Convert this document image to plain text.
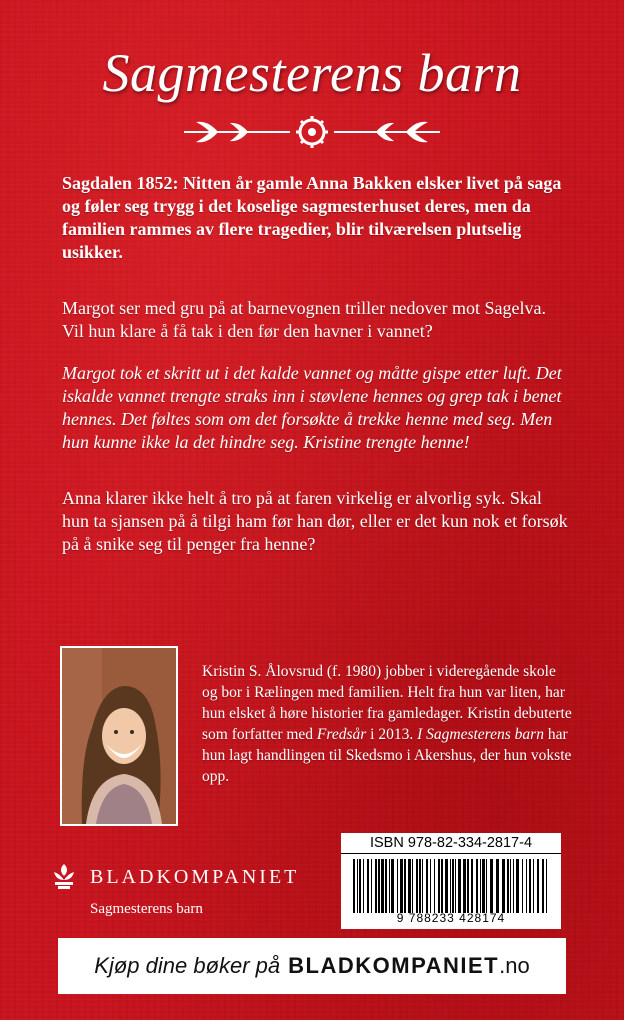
Sagmesterens barn

Sagdalen 1852: Nitten år gamle Anna Bakken elsker livet på saga og føler seg trygg i det koselige sagmesterhuset deres, men da familien rammes av flere tragedier, blir tilværelsen plutselig usikker.

Margot ser med gru på at barnevognen triller nedover mot Sagelva. Vil hun klare å få tak i den før den havner i vannet?

Margot tok et skritt ut i det kalde vannet og måtte gispe etter luft. Det iskalde vannet trengte straks inn i støvlene hennes og grep tak i benet hennes. Det føltes som om det forsøkte å trekke henne med seg. Men hun kunne ikke la det hindre seg. Kristine trengte henne!

Anna klarer ikke helt å tro på at faren virkelig er alvorlig syk. Skal hun ta sjansen på å tilgi ham før han dør, eller er det kun nok et forsøk på å snike seg til penger fra henne?

Kristin S. Ålovsrud (f. 1980) jobber i videregående skole og bor i Rælingen med familien. Helt fra hun var liten, har hun elsket å høre historier fra gamledager. Kristin debuterte som forfatter med Fredsår i 2013. I Sagmesterens barn har hun lagt handlingen til Skedsmo i Akershus, der hun vokste opp.

ISBN 978-82-334-2817-4
9 788233 428174
BLADKOMPANIET
Sagmesterens barn
Kjøp dine bøker på BLADKOMPANIET .no
